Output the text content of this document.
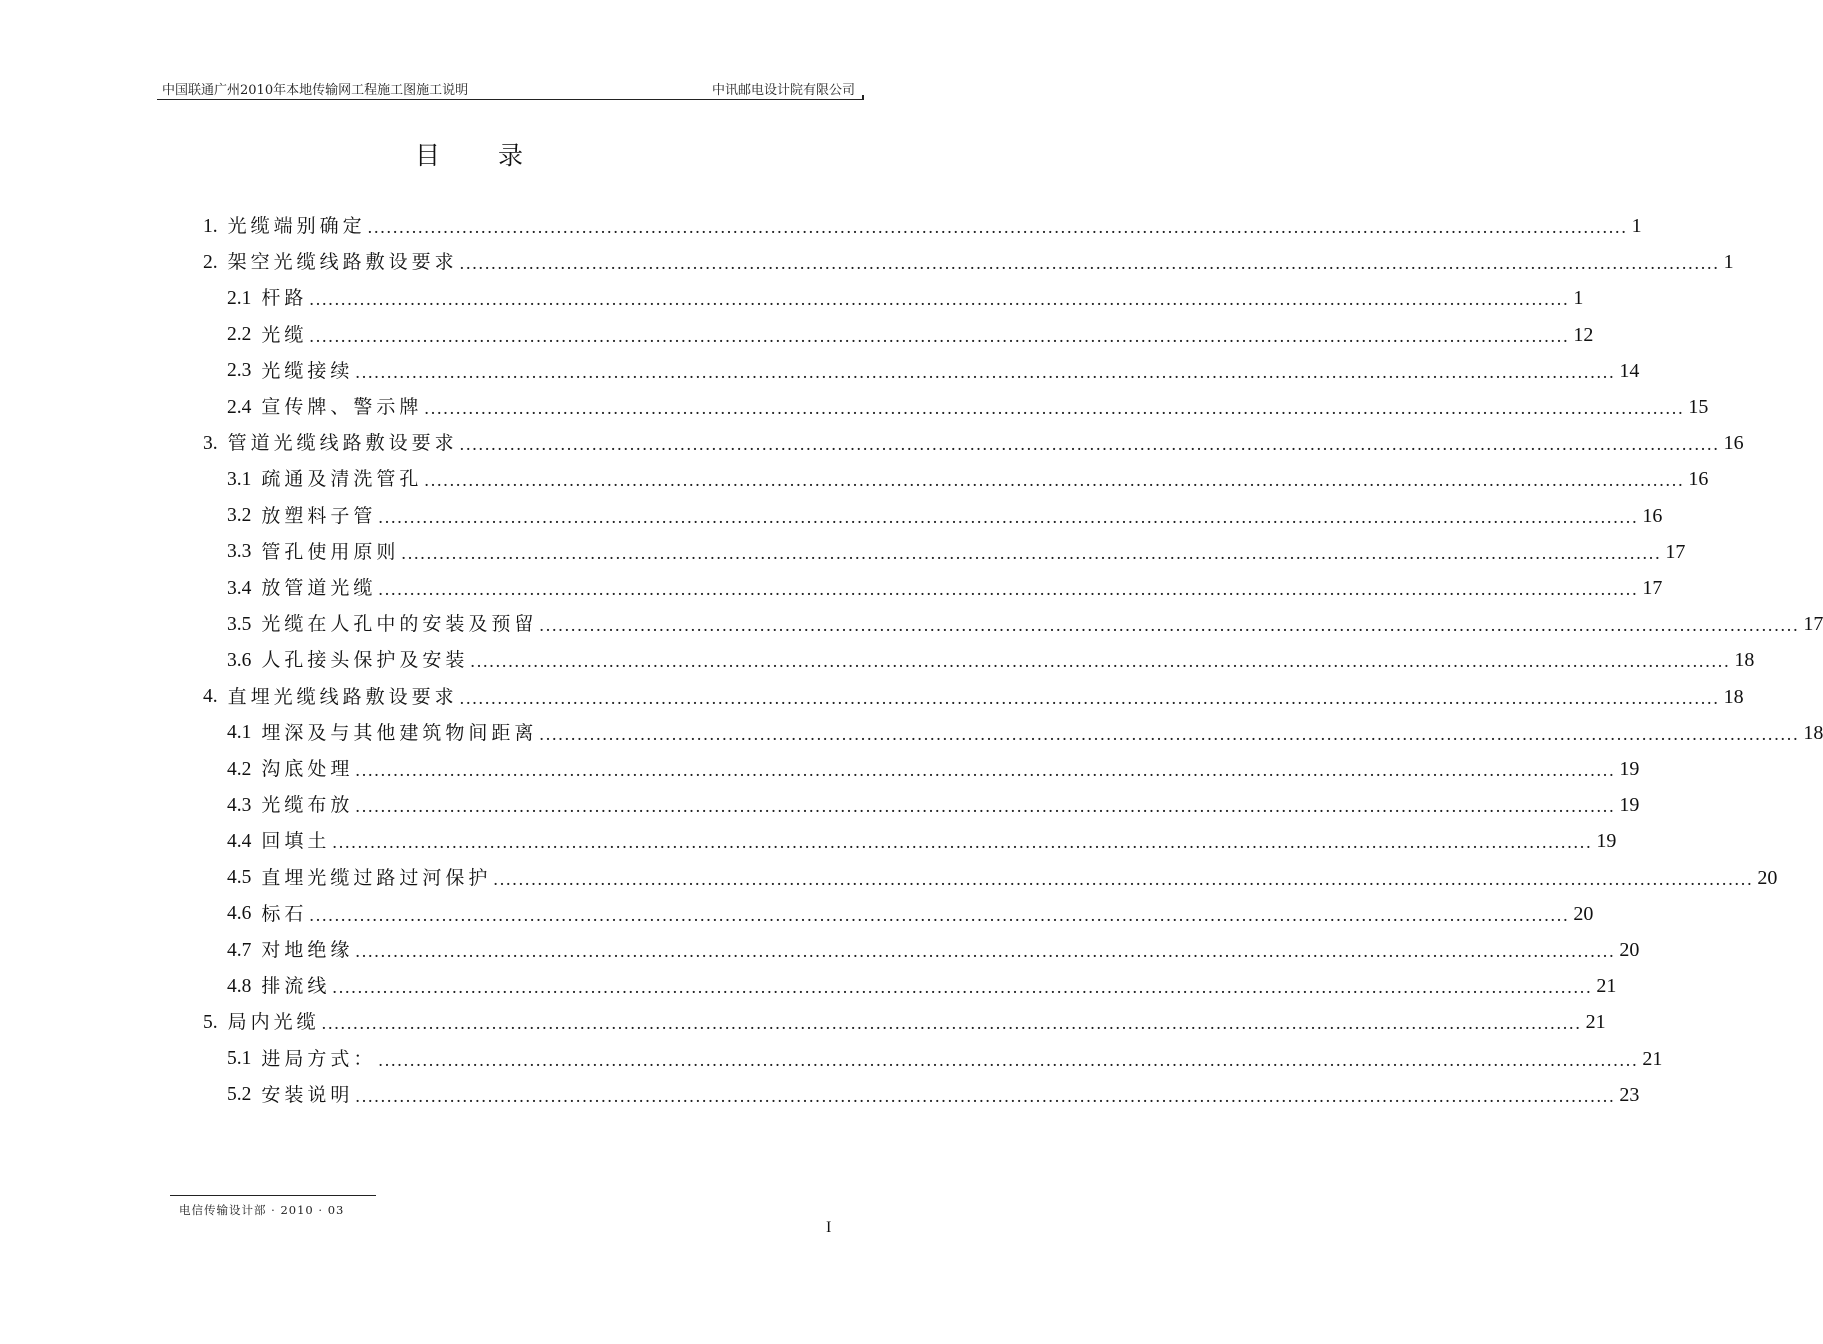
中国联通广州2010年本地传输网工程施工图施工说明	中讯邮电设计院有限公司
目录
1. 光缆端别确定 ........................................................................................................................................................................................................ 1
2. 架空光缆线路敷设要求 ........................................................................................................................................................................................................ 1
2.1 杆路 ........................................................................................................................................................................................................ 1
2.2 光缆 ........................................................................................................................................................................................................ 12
2.3 光缆接续 ........................................................................................................................................................................................................ 14
2.4 宣传牌、警示牌 ........................................................................................................................................................................................................ 15
3. 管道光缆线路敷设要求 ........................................................................................................................................................................................................ 16
3.1 疏通及清洗管孔 ........................................................................................................................................................................................................ 16
3.2 放塑料子管 ........................................................................................................................................................................................................ 16
3.3 管孔使用原则 ........................................................................................................................................................................................................ 17
3.4 放管道光缆 ........................................................................................................................................................................................................ 17
3.5 光缆在人孔中的安装及预留 ........................................................................................................................................................................................................ 17
3.6 人孔接头保护及安装 ........................................................................................................................................................................................................ 18
4. 直埋光缆线路敷设要求 ........................................................................................................................................................................................................ 18
4.1 埋深及与其他建筑物间距离 ........................................................................................................................................................................................................ 18
4.2 沟底处理 ........................................................................................................................................................................................................ 19
4.3 光缆布放 ........................................................................................................................................................................................................ 19
4.4 回填土 ........................................................................................................................................................................................................ 19
4.5 直埋光缆过路过河保护 ........................................................................................................................................................................................................ 20
4.6 标石 ........................................................................................................................................................................................................ 20
4.7 对地绝缘 ........................................................................................................................................................................................................ 20
4.8 排流线 ........................................................................................................................................................................................................ 21
5. 局内光缆 ........................................................................................................................................................................................................ 21
5.1 进局方式： ........................................................................................................................................................................................................ 21
5.2 安装说明 ........................................................................................................................................................................................................ 23
电信传输设计部 · 2010 · 03
I
